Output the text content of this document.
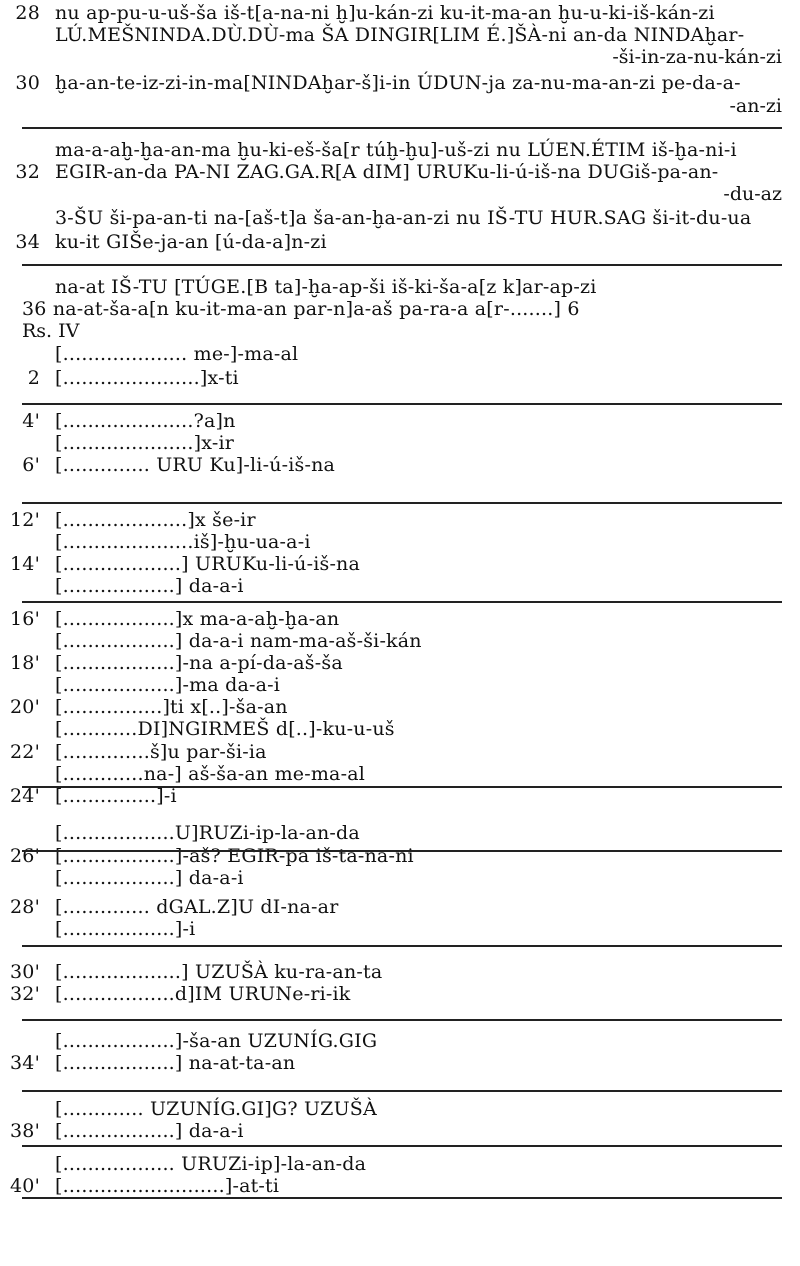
28 nu ap-pu-u-uš-ša iš-t[a-na-ni ḫ]u-kán-zi ku-it-ma-an ḫu-u-ki-iš-kán-zi
LÚ.MEŠNINDA.DÙ.DÙ-ma ŠA DINGIR[LIM É.]ŠÀ-ni an-da NINDAḫar-
-ši-in-za-nu-kán-zi
30 ḫa-an-te-iz-zi-in-ma[NINDAḫar-š]i-in ÚDUN-ja za-nu-ma-an-zi pe-da-a-
-an-zi
ma-a-aḫ-ḫa-an-ma ḫu-ki-eš-ša[r túḫ-ḫu]-uš-zi nu LÚEN.ÉTIM iš-ḫa-ni-i
32 EGIR-an-da PA-NI ZAG.GA.R[A dIM] URUKu-li-ú-iš-na DUGiš-pa-an-
-du-az
3-ŠU ši-pa-an-ti na-[aš-t]a ša-an-ḫa-an-zi nu IŠ-TU HUR.SAG ši-it-du-ua
34 ku-it GIŠe-ja-an [ú-da-a]n-zi
na-at IŠ-TU [TÚGE.[B ta]-ḫa-ap-ši iš-ki-ša-a[z k]ar-ap-zi
36 na-at-ša-a[n ku-it-ma-an par-n]a-aš pa-ra-a a[r-.......] 6
Rs. IV
[.................... me-]-ma-al
2 [......................]x-ti
4' [.....................?a]n
[.....................]x-ir
6' [.............. URU Ku]-li-ú-iš-na
12' [....................]x še-ir
[.....................iš]-ḫu-ua-a-i
14' [...................] URUKu-li-ú-iš-na
[..................] da-a-i
16' [..................]x ma-a-aḫ-ḫa-an
[..................] da-a-i nam-ma-aš-ši-kán
18' [..................]-na a-pí-da-aš-ša
[..................]-ma da-a-i
20' [................]ti x[..]-ša-an
[............DI]NGIRMEŠ d[..]-ku-u-uš
22' [..............š]u par-ši-ia
[.............na-] aš-ša-an me-ma-al
24' [...............]-i
[..................U]RUZi-ip-la-an-da
26' [..................]-aš? EGIR-pa iš-ta-na-ni
[..................] da-a-i
28' [.............. dGAL.Z]U dI-na-ar
[..................]-i
30' [...................] UZUŠÀ ku-ra-an-ta
32' [..................d]IM URUNe-ri-ik
[..................]-ša-an UZUNÍG.GIG
34' [..................] na-at-ta-an
[............. UZUNÍG.GI]G? UZUŠÀ
38' [..................] da-a-i
[.................. URUZi-ip]-la-an-da
40' [..........................]-at-ti
